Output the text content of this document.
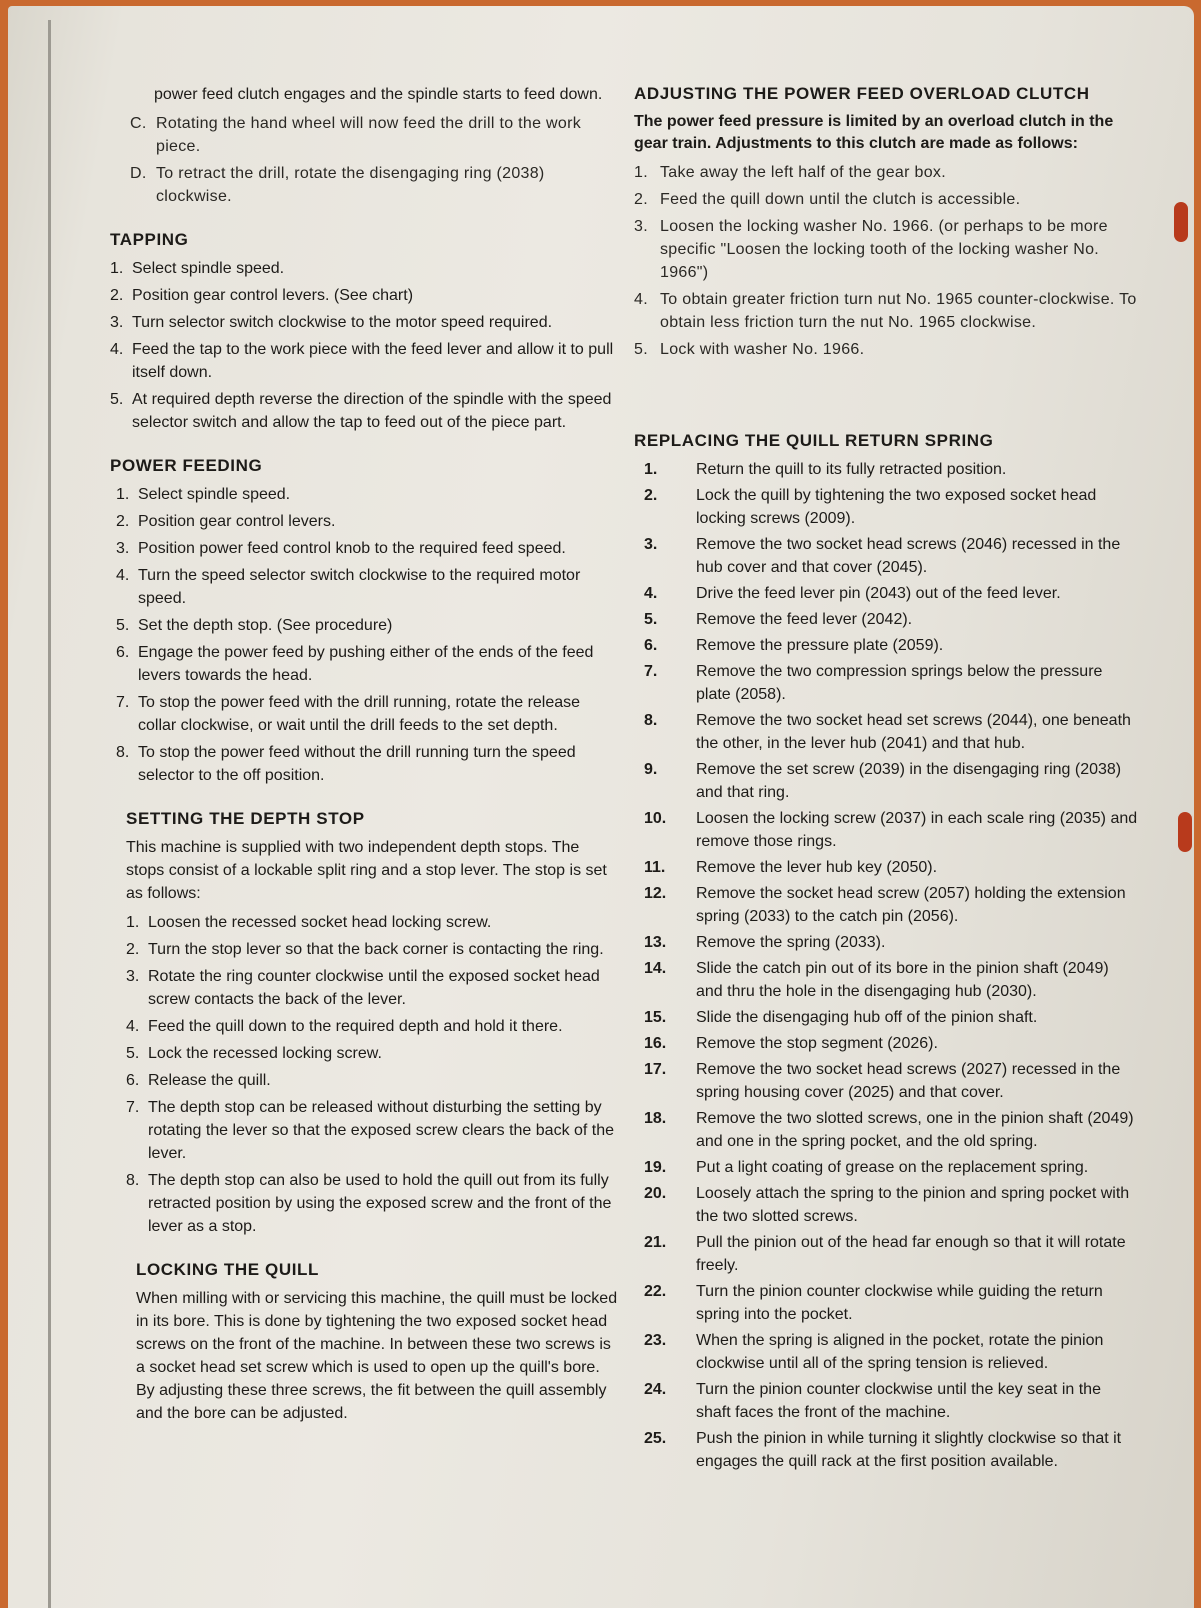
power feed clutch engages and the spindle starts to feed down.
C. Rotating the hand wheel will now feed the drill to the work piece.
D. To retract the drill, rotate the disengaging ring (2038) clockwise.
TAPPING
1. Select spindle speed.
2. Position gear control levers. (See chart)
3. Turn selector switch clockwise to the motor speed required.
4. Feed the tap to the work piece with the feed lever and allow it to pull itself down.
5. At required depth reverse the direction of the spindle with the speed selector switch and allow the tap to feed out of the piece part.
POWER FEEDING
1. Select spindle speed.
2. Position gear control levers.
3. Position power feed control knob to the required feed speed.
4. Turn the speed selector switch clockwise to the required motor speed.
5. Set the depth stop. (See procedure)
6. Engage the power feed by pushing either of the ends of the feed levers towards the head.
7. To stop the power feed with the drill running, rotate the release collar clockwise, or wait until the drill feeds to the set depth.
8. To stop the power feed without the drill running turn the speed selector to the off position.
SETTING THE DEPTH STOP
This machine is supplied with two independent depth stops. The stops consist of a lockable split ring and a stop lever. The stop is set as follows:
1. Loosen the recessed socket head locking screw.
2. Turn the stop lever so that the back corner is contacting the ring.
3. Rotate the ring counter clockwise until the exposed socket head screw contacts the back of the lever.
4. Feed the quill down to the required depth and hold it there.
5. Lock the recessed locking screw.
6. Release the quill.
7. The depth stop can be released without disturbing the setting by rotating the lever so that the exposed screw clears the back of the lever.
8. The depth stop can also be used to hold the quill out from its fully retracted position by using the exposed screw and the front of the lever as a stop.
LOCKING THE QUILL
When milling with or servicing this machine, the quill must be locked in its bore. This is done by tightening the two exposed socket head screws on the front of the machine. In between these two screws is a socket head set screw which is used to open up the quill's bore. By adjusting these three screws, the fit between the quill assembly and the bore can be adjusted.
ADJUSTING THE POWER FEED OVERLOAD CLUTCH
The power feed pressure is limited by an overload clutch in the gear train. Adjustments to this clutch are made as follows:
1. Take away the left half of the gear box.
2. Feed the quill down until the clutch is accessible.
3. Loosen the locking washer No. 1966. (or perhaps to be more specific "Loosen the locking tooth of the locking washer No. 1966")
4. To obtain greater friction turn nut No. 1965 counter-clockwise. To obtain less friction turn the nut No. 1965 clockwise.
5. Lock with washer No. 1966.
REPLACING THE QUILL RETURN SPRING
1. Return the quill to its fully retracted position.
2. Lock the quill by tightening the two exposed socket head locking screws (2009).
3. Remove the two socket head screws (2046) recessed in the hub cover and that cover (2045).
4. Drive the feed lever pin (2043) out of the feed lever.
5. Remove the feed lever (2042).
6. Remove the pressure plate (2059).
7. Remove the two compression springs below the pressure plate (2058).
8. Remove the two socket head set screws (2044), one beneath the other, in the lever hub (2041) and that hub.
9. Remove the set screw (2039) in the disengaging ring (2038) and that ring.
10. Loosen the locking screw (2037) in each scale ring (2035) and remove those rings.
11. Remove the lever hub key (2050).
12. Remove the socket head screw (2057) holding the extension spring (2033) to the catch pin (2056).
13. Remove the spring (2033).
14. Slide the catch pin out of its bore in the pinion shaft (2049) and thru the hole in the disengaging hub (2030).
15. Slide the disengaging hub off of the pinion shaft.
16. Remove the stop segment (2026).
17. Remove the two socket head screws (2027) recessed in the spring housing cover (2025) and that cover.
18. Remove the two slotted screws, one in the pinion shaft (2049) and one in the spring pocket, and the old spring.
19. Put a light coating of grease on the replacement spring.
20. Loosely attach the spring to the pinion and spring pocket with the two slotted screws.
21. Pull the pinion out of the head far enough so that it will rotate freely.
22. Turn the pinion counter clockwise while guiding the return spring into the pocket.
23. When the spring is aligned in the pocket, rotate the pinion clockwise until all of the spring tension is relieved.
24. Turn the pinion counter clockwise until the key seat in the shaft faces the front of the machine.
25. Push the pinion in while turning it slightly clockwise so that it engages the quill rack at the first position available.
